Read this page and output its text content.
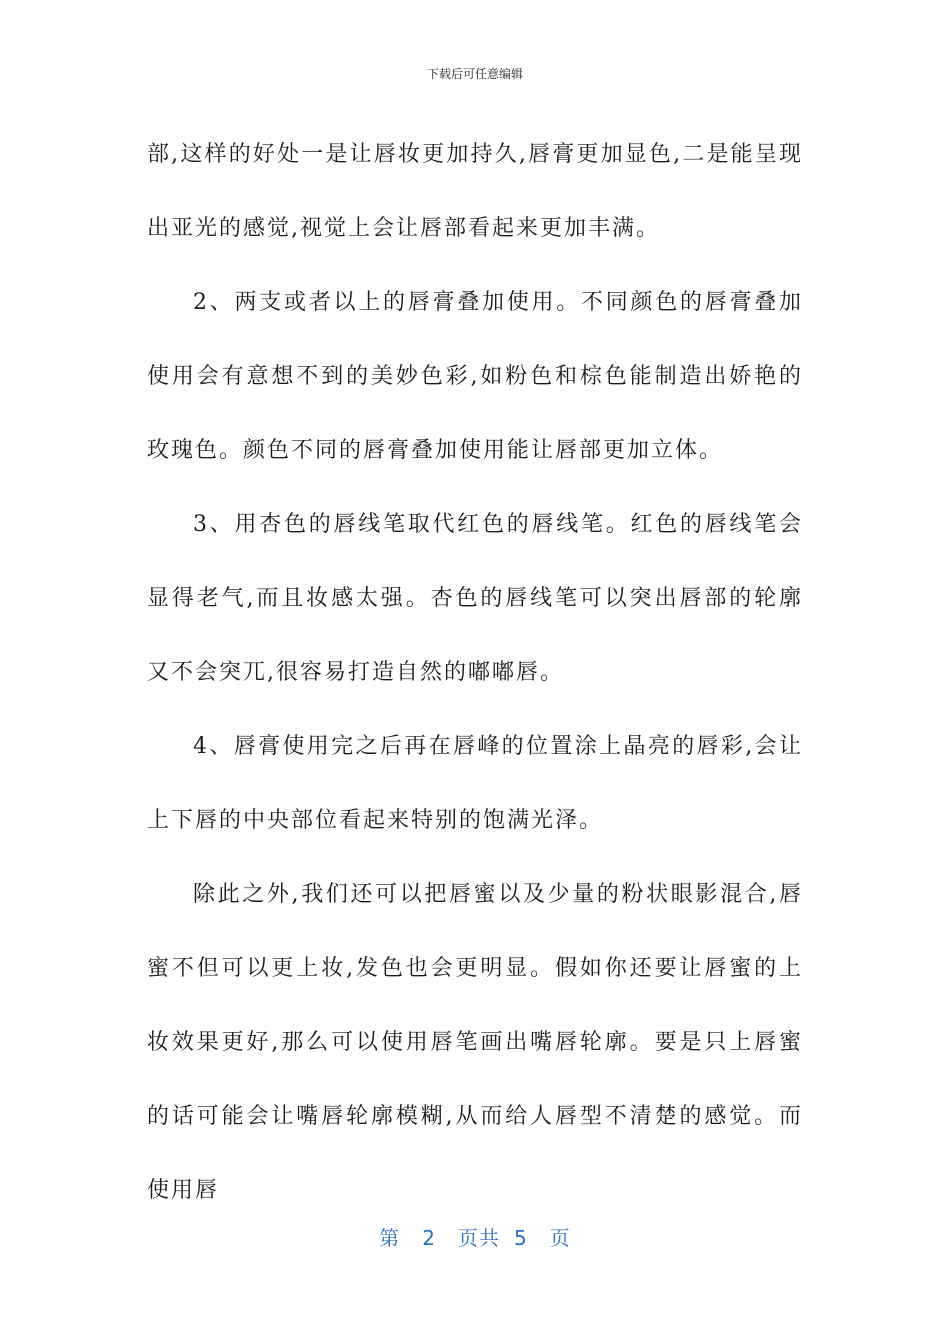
下载后可任意编辑

部,这样的好处一是让唇妆更加持久,唇膏更加显色,二是能呈现出亚光的感觉,视觉上会让唇部看起来更加丰满。

2、两支或者以上的唇膏叠加使用。不同颜色的唇膏叠加使用会有意想不到的美妙色彩,如粉色和棕色能制造出娇艳的玫瑰色。颜色不同的唇膏叠加使用能让唇部更加立体。

3、用杏色的唇线笔取代红色的唇线笔。红色的唇线笔会显得老气,而且妆感太强。杏色的唇线笔可以突出唇部的轮廓又不会突兀,很容易打造自然的嘟嘟唇。

4、唇膏使用完之后再在唇峰的位置涂上晶亮的唇彩,会让上下唇的中央部位看起来特别的饱满光泽。

除此之外,我们还可以把唇蜜以及少量的粉状眼影混合,唇蜜不但可以更上妆,发色也会更明显。假如你还要让唇蜜的上妆效果更好,那么可以使用唇笔画出嘴唇轮廓。要是只上唇蜜的话可能会让嘴唇轮廓模糊,从而给人唇型不清楚的感觉。而使用唇

第 2 页共 5 页
